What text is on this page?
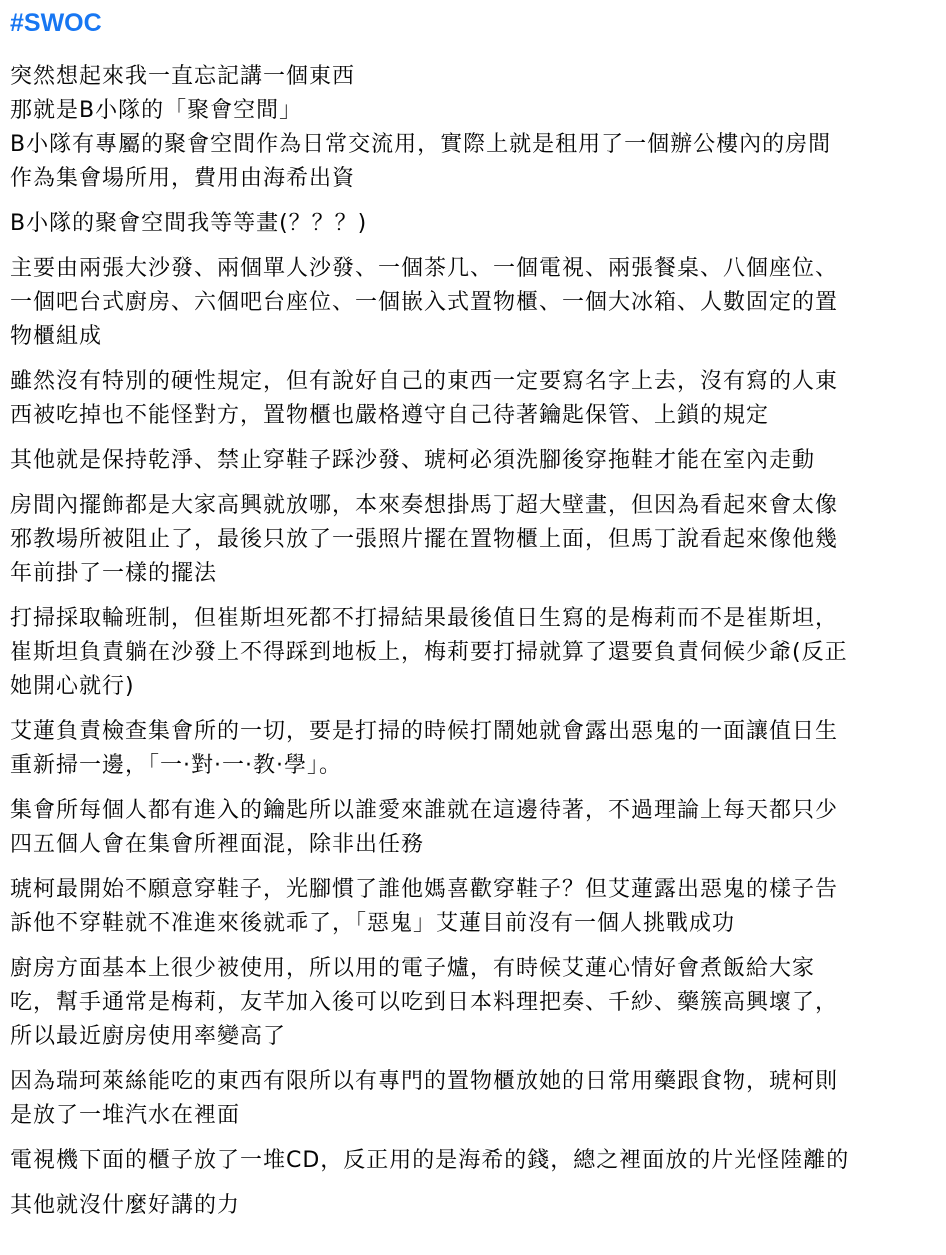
#SWOC
突然想起來我一直忘記講一個東西
那就是B小隊的「聚會空間」
B小隊有專屬的聚會空間作為日常交流用，實際上就是租用了一個辦公樓內的房間
作為集會場所用，費用由海希出資
B小隊的聚會空間我等等畫(？？？)
主要由兩張大沙發、兩個單人沙發、一個茶几、一個電視、兩張餐桌、八個座位、
一個吧台式廚房、六個吧台座位、一個嵌入式置物櫃、一個大冰箱、人數固定的置
物櫃組成
雖然沒有特別的硬性規定，但有說好自己的東西一定要寫名字上去，沒有寫的人東
西被吃掉也不能怪對方，置物櫃也嚴格遵守自己待著鑰匙保管、上鎖的規定
其他就是保持乾淨、禁止穿鞋子踩沙發、琥柯必須洗腳後穿拖鞋才能在室內走動
房間內擺飾都是大家高興就放哪，本來奏想掛馬丁超大壁畫，但因為看起來會太像
邪教場所被阻止了，最後只放了一張照片擺在置物櫃上面，但馬丁說看起來像他幾
年前掛了一樣的擺法
打掃採取輪班制，但崔斯坦死都不打掃結果最後值日生寫的是梅莉而不是崔斯坦，
崔斯坦負責躺在沙發上不得踩到地板上，梅莉要打掃就算了還要負責伺候少爺(反正
她開心就行)
艾蓮負責檢查集會所的一切，要是打掃的時候打鬧她就會露出惡鬼的一面讓值日生
重新掃一邊，「一·對·一·教·學」。
集會所每個人都有進入的鑰匙所以誰愛來誰就在這邊待著，不過理論上每天都只少
四五個人會在集會所裡面混，除非出任務
琥柯最開始不願意穿鞋子，光腳慣了誰他媽喜歡穿鞋子？但艾蓮露出惡鬼的樣子告
訴他不穿鞋就不准進來後就乖了，「惡鬼」艾蓮目前沒有一個人挑戰成功
廚房方面基本上很少被使用，所以用的電子爐，有時候艾蓮心情好會煮飯給大家
吃，幫手通常是梅莉，友芊加入後可以吃到日本料理把奏、千紗、藥簇高興壞了，
所以最近廚房使用率變高了
因為瑞珂萊絲能吃的東西有限所以有專門的置物櫃放她的日常用藥跟食物，琥柯則
是放了一堆汽水在裡面
電視機下面的櫃子放了一堆CD，反正用的是海希的錢，總之裡面放的片光怪陸離的
其他就沒什麼好講的力
